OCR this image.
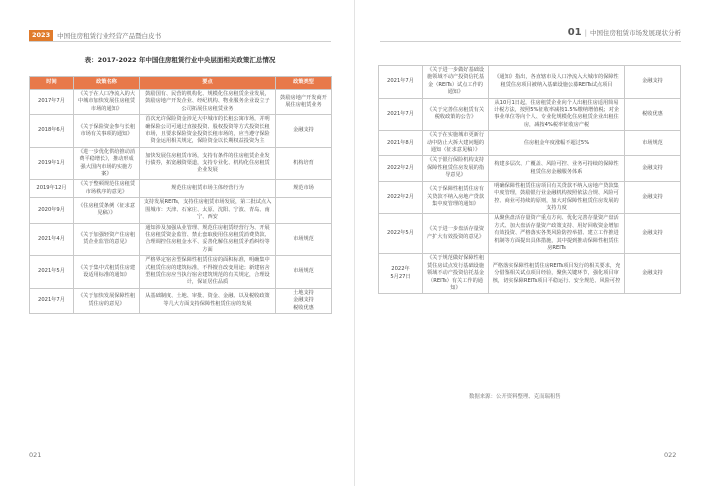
2023	中国住房租赁行业经营产品暨白皮书
表：2017-2022 年中国住房租赁行业中央层面相关政策汇总情况
01 | 中国住房租赁市场发展现状分析
时间	政策名称	要点	政策类型
2017年7月	《关于在人口净流入的大中城市加快发展住房租赁市场的通知》	鼓励国有、民营的机构化、规模化住房租赁企业发展，鼓励房地产开发企业、经纪机构、物业服务企业设立子公司拓展住房租赁业务	鼓励房地产开发商开展住房租赁业务
2018年6月	《关于保险资金参与长租市场有关事项的通知》	首次允许保险资金涉足大中城市的长租公寓市场，并明确保险公司可通过直接投资、股权投资等方式投资长租市场，且要求保险资金投资长租市场的，应当遵守保险资金运用相关规定，保险资金以长期权益投资为主	金融支持
2019年1月	《进一步优化供给推动消费平稳增长》，推动形成强大国内市场的实施方案》	加快发展住房租赁市场，支持有条件的住房租赁企业发行债券，拓宽融资渠道，支持专业化、机构化住房租赁企业发展	机构培育
2019年12月	《关于整顿规范住房租赁市场秩序的意见》	规范住房租赁市场主体经营行为	规范市场
2020年9月	《住房租赁条例（征求意见稿）》	支持发展REITs，支持住房租赁市场发展，第二批试点入围城市：天津、石家庄、太原、沈阳、宁波、青岛、南宁、西安	
2021年4月	《关于加强轻资产住房租赁企业监管的意见》	通知涉及加强从业管理、规范住房租赁经营行为、开展住房租赁资金监管、禁止套取使用住房租赁消费贷款、合理调控住房租金水平、妥善化解住房租赁矛盾纠纷等方面	市场规范
2021年5月	《关于集中式租赁住房建设适用标准的通知》	严格界定宿舍型保障性租赁住房的面积标准，明确集中式租赁住房的建筑标准，不得擅自改变用途；新建宿舍型租赁住房应当执行宿舍建筑规范的有关规定，合理设计，保证居住品质	市场规范
2021年7月	《关于加快发展保障性租赁住房的意见》	从基础制度、土地、审批、资金、金融、以及税收政策等几大方面支持保障性租赁住房的发展	土地支持
金融支持
税收优惠
2021年7月	《关于进一步做好基础设施领域不动产投资信托基金（REITs）试点工作的通知》	《通知》指出，各直辖市及人口净流入大城市的保障性租赁住房项目被纳入基础设施公募REITs试点项目	金融支持
2021年7月	《关于完善住房租赁有关税收政策的公告》	从10月1日起，住房租赁企业向个人出租住房适用简易计税方法，按照5%征收率减按1.5%缴纳增值税；对企事业单位等向个人、专业化规模化住房租赁企业出租住房，减按4%税率征收房产税	税收优惠
2021年8月	《关于在实施城市更新行动中防止大拆大建问题的通知（征求意见稿）》	住房租金年度涨幅不超过5%	市场规范
2022年2月	《关于银行保险机构支持保障性租赁住房发展的指导意见》	构建多层次、广覆盖、风险可控、业务可持续的保障性租赁住房金融服务体系	金融支持
2022年2月	《关于保障性租赁住房有关贷款不纳入房地产贷款集中度管理的通知》	明确保障性租赁住房项目有关贷款不纳入房地产贷款集中度管理，鼓励银行业金融机构按照依法合规、风险可控、商业可持续的原则，加大对保障性租赁住房发展的支持力度	金融支持
2022年5月	《关于进一步盘活存量资产扩大有效投资的意见》	从聚焦盘活存量资产重点方向、优化完善存量资产盘活方式、加大盘活存量资产政策支持、用好回收资金增加有效投资、严格落实各类风险防控举措、建立工作推进机制等方面提出具体措施，其中提到推动保障性租赁住房REITs	金融支持
2022年
5月27日	《关于规范做好保障性租赁住房试点发行基础设施领域不动产投资信托基金（REITs）有关工作的通知》	严格落实保障性租赁住房REITs项目发行的相关要求，充分借鉴相关试点项目经验，聚焦关键环节，强化项目审核，切实保障REITs项目平稳运行、安全规范、风险可控	金融支持
数据来源：公开资料整理、克而瑞租售
021	022
